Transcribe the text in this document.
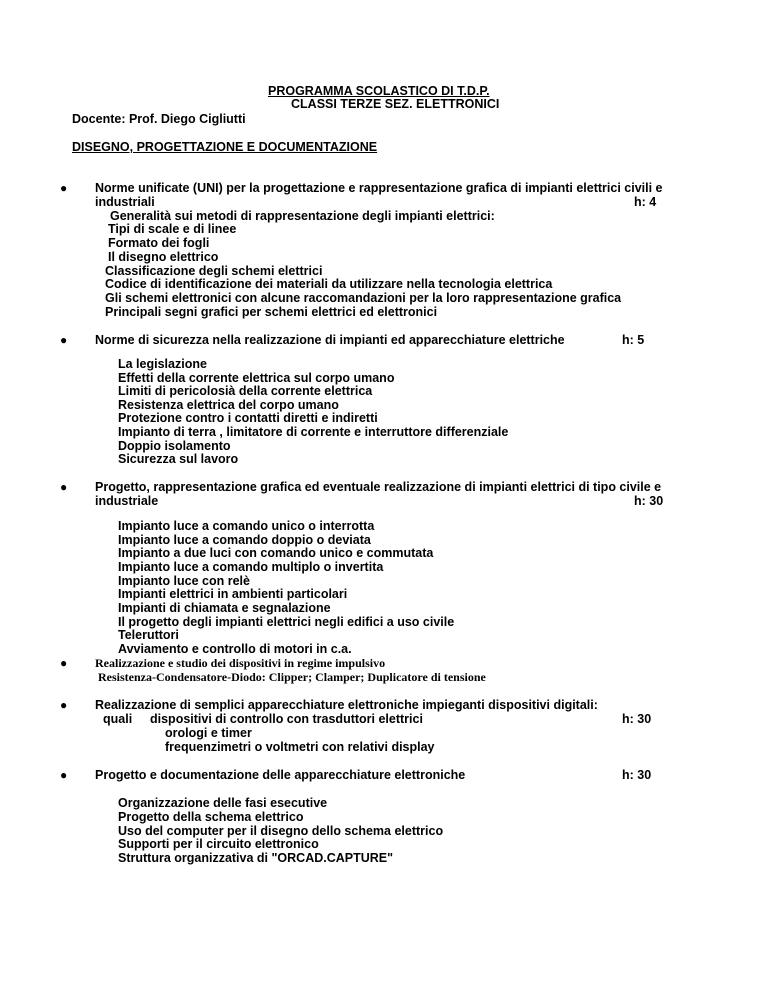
PROGRAMMA SCOLASTICO DI T.D.P.
CLASSI TERZE SEZ. ELETTRONICI
Docente: Prof. Diego Cigliutti
DISEGNO, PROGETTAZIONE E DOCUMENTAZIONE
● Norme unificate (UNI) per la progettazione e rappresentazione grafica di impianti elettrici civili e
industriali	h: 4
Generalità sui metodi di rappresentazione degli impianti elettrici:
Tipi di scale e di linee
Formato dei fogli
Il disegno elettrico
Classificazione degli schemi elettrici
Codice di identificazione dei materiali da utilizzare nella tecnologia elettrica
Gli schemi elettronici con alcune raccomandazioni per la loro rappresentazione grafica
Principali segni grafici per schemi elettrici ed elettronici
● Norme di sicurezza nella realizzazione di impianti ed apparecchiature elettriche	h: 5
La legislazione
Effetti della corrente elettrica sul corpo umano
Limiti di pericolosià della corrente elettrica
Resistenza elettrica del corpo umano
Protezione contro i contatti diretti e indiretti
Impianto di terra , limitatore di corrente e interruttore differenziale
Doppio isolamento
Sicurezza sul lavoro
● Progetto, rappresentazione grafica ed eventuale realizzazione di impianti elettrici di tipo civile e
industriale	h: 30
Impianto luce a comando unico o interrotta
Impianto luce a comando doppio o deviata
Impianto a due luci con comando unico e commutata
Impianto luce a comando multiplo o invertita
Impianto luce con relè
Impianti elettrici in ambienti particolari
Impianti di chiamata e segnalazione
Il progetto degli impianti elettrici negli edifici a uso civile
Teleruttori
Avviamento e controllo di motori in c.a.
● Realizzazione e studio dei dispositivi in regime impulsivo
Resistenza-Condensatore-Diodo: Clipper; Clamper; Duplicatore di tensione
● Realizzazione di semplici apparecchiature elettroniche impieganti dispositivi digitali:
quali dispositivi di controllo con trasduttori elettrici	h: 30
orologi e timer
frequenzimetri o voltmetri con relativi display
● Progetto e documentazione delle apparecchiature elettroniche	h: 30
Organizzazione delle fasi esecutive
Progetto della schema elettrico
Uso del computer per il disegno dello schema elettrico
Supporti per il circuito elettronico
Struttura organizzativa di "ORCAD.CAPTURE"
